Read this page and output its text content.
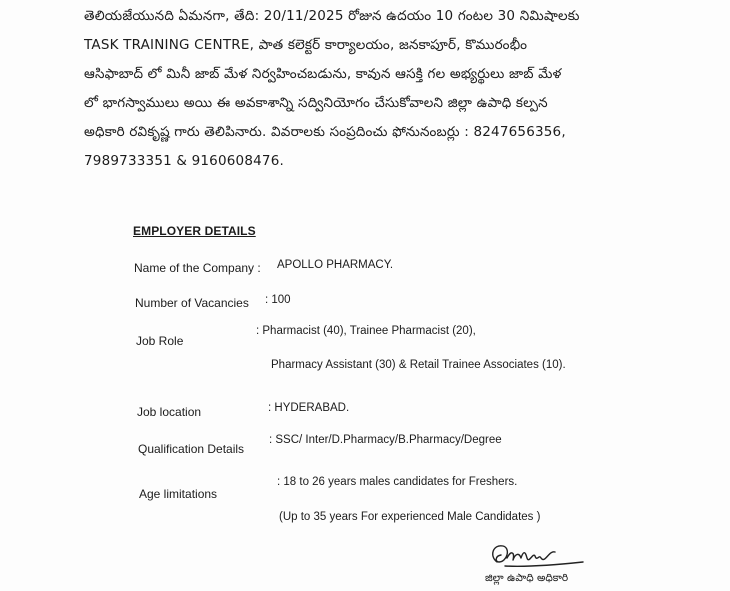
తెలియజేయునది ఏమనగా, తేది: 20/11/2025 రోజున ఉదయం 10 గంటల 30 నిమిషాలకు
TASK TRAINING CENTRE, పాత కలెక్టర్ కార్యాలయం, జనకాపూర్, కొమురంభీం
ఆసిఫాబాద్ లో మినీ జాబ్ మేళ నిర్వహించబడును, కావున ఆసక్తి గల అభ్యర్థులు జాబ్ మేళ
లో భాగస్వాములు అయి ఈ అవకాశాన్ని సద్వినియోగం చేసుకోవాలని జిల్లా ఉపాధి కల్పన
అధికారి రవికృష్ణ గారు తెలిపినారు. వివరాలకు సంప్రదించు ఫోనునంబర్లు : 8247656356,
7989733351 & 9160608476.
EMPLOYER DETAILS
Name of the Company : APOLLO PHARMACY.
Number of Vacancies : 100
Job Role
: Pharmacist (40), Trainee Pharmacist (20),
Pharmacy Assistant (30) & Retail Trainee Associates (10).
Job location	: HYDERABAD.
Qualification Details
: SSC/ Inter/D.Pharmacy/B.Pharmacy/Degree
Age limitations
: 18 to 26 years males candidates for Freshers.
(Up to 35 years For experienced Male Candidates )
జిల్లా ఉపాధి అధికారి
